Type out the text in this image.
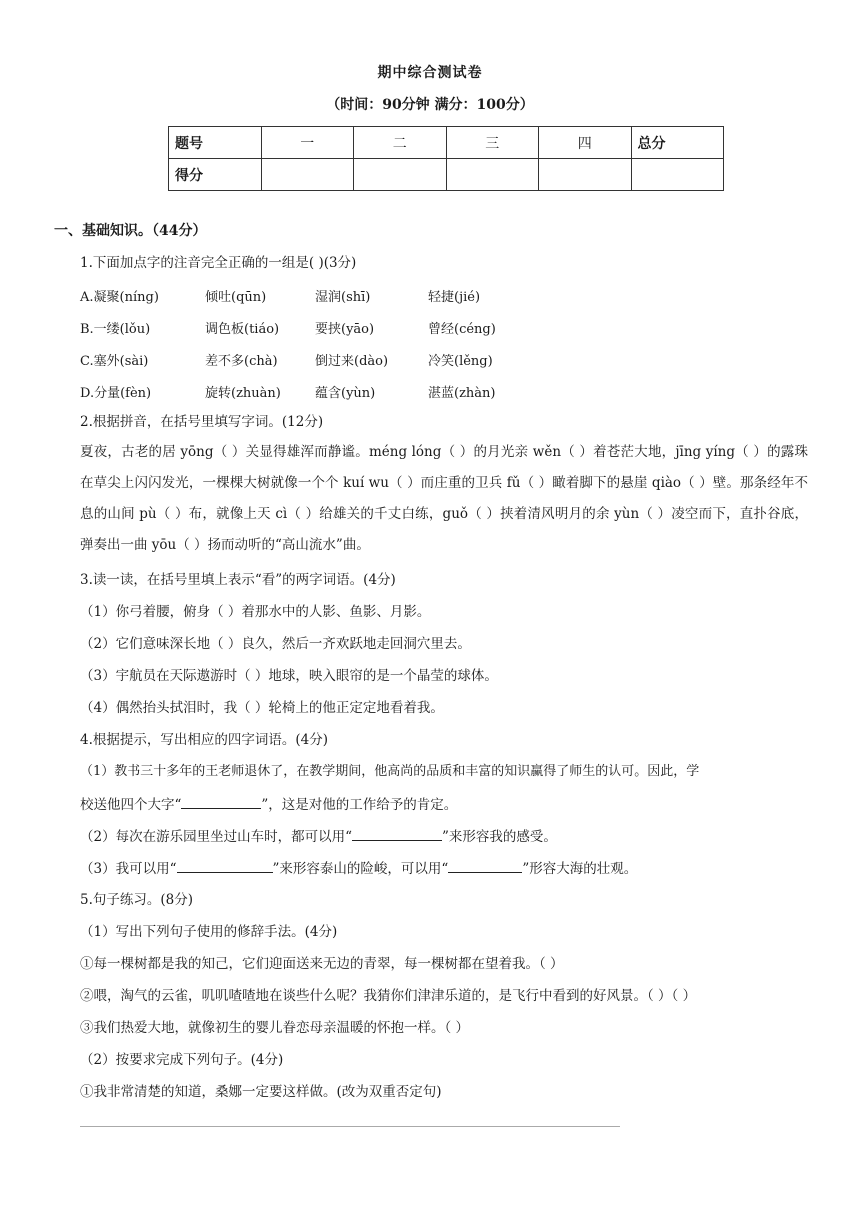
期中综合测试卷
（时间：90分钟 满分：100分）
题号	一	二	三	四	总分
得分					
一、基础知识。（44分）
1.下面加点字的注音完全正确的一组是( )(3分)
A.凝聚(níng)	倾吐(qūn)	湿润(shī)	轻捷(jié)
B.一缕(lǒu)	调色板(tiáo)	要挟(yāo)	曾经(céng)
C.塞外(sài)	差不多(chà)	倒过来(dào)	冷笑(lěng)
D.分量(fèn)	旋转(zhuàn)	蕴含(yùn)	湛蓝(zhàn)
2.根据拼音，在括号里填写字词。(12分)
夏夜，古老的居 yōng（ ）关显得雄浑而静谧。méng lóng（ ）的月光亲 wěn（ ）着苍茫大地，jīng yíng（ ）的露珠在草尖上闪闪发光，一棵棵大树就像一个个 kuí wu（ ）而庄重的卫兵 fǔ（ ）瞰着脚下的悬崖 qiào（ ）壁。那条经年不息的山间 pù（ ）布，就像上天 cì（ ）给雄关的千丈白练，guǒ（ ）挟着清风明月的余 yùn（ ）凌空而下，直扑谷底，弹奏出一曲 yōu（ ）扬而动听的“高山流水”曲。
3.读一读，在括号里填上表示“看”的两字词语。(4分)
（1）你弓着腰，俯身（ ）着那水中的人影、鱼影、月影。
（2）它们意味深长地（ ）良久，然后一齐欢跃地走回洞穴里去。
（3）宇航员在天际遨游时（ ）地球，映入眼帘的是一个晶莹的球体。
（4）偶然抬头拭泪时，我（ ）轮椅上的他正定定地看着我。
4.根据提示，写出相应的四字词语。(4分)
（1）教书三十多年的王老师退休了，在教学期间，他高尚的品质和丰富的知识赢得了师生的认可。因此，学
校送他四个大字“	”，这是对他的工作给予的肯定。
（2）每次在游乐园里坐过山车时，都可以用“	”来形容我的感受。
（3）我可以用“	”来形容泰山的险峻，可以用“	”形容大海的壮观。
5.句子练习。(8分)
（1）写出下列句子使用的修辞手法。(4分)
①每一棵树都是我的知己，它们迎面送来无边的青翠，每一棵树都在望着我。（ ）
②喂，淘气的云雀，叽叽喳喳地在谈些什么呢？我猜你们津津乐道的，是飞行中看到的好风景。（ ）（ ）
③我们热爱大地，就像初生的婴儿眷恋母亲温暖的怀抱一样。（ ）
（2）按要求完成下列句子。(4分)
①我非常清楚的知道，桑娜一定要这样做。(改为双重否定句)
